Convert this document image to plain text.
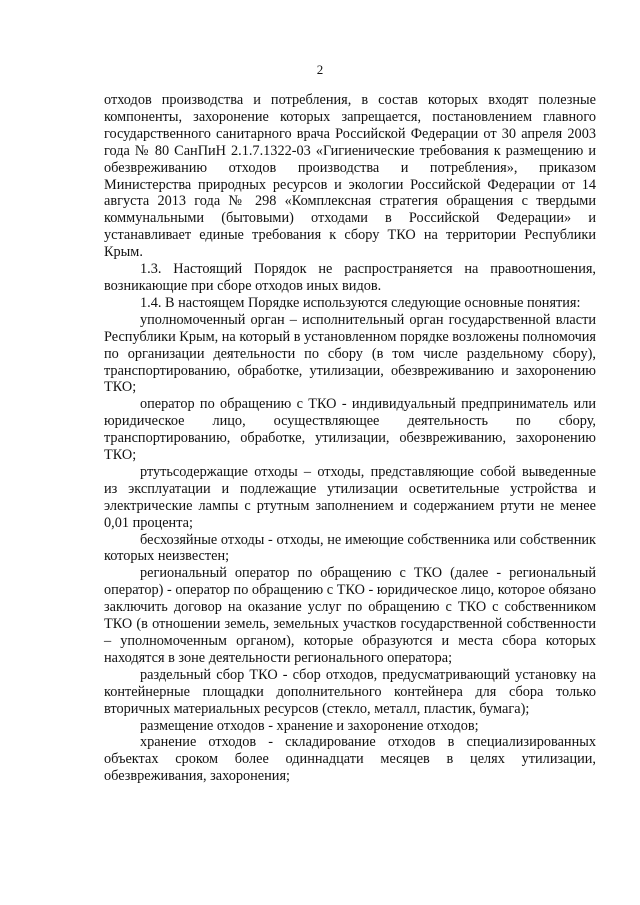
2

отходов производства и потребления, в состав которых входят полезные компоненты, захоронение которых запрещается, постановлением главного государственного санитарного врача Российской Федерации от 30 апреля 2003 года № 80 СанПиН 2.1.7.1322-03 «Гигиенические требования к размещению и обезвреживанию отходов производства и потребления», приказом Министерства природных ресурсов и экологии Российской Федерации от 14 августа 2013 года № 298 «Комплексная стратегия обращения с твердыми коммунальными (бытовыми) отходами в Российской Федерации» и устанавливает единые требования к сбору ТКО на территории Республики Крым.

1.3. Настоящий Порядок не распространяется на правоотношения, возникающие при сборе отходов иных видов.

1.4. В настоящем Порядке используются следующие основные понятия:

уполномоченный орган – исполнительный орган государственной власти Республики Крым, на который в установленном порядке возложены полномочия по организации деятельности по сбору (в том числе раздельному сбору), транспортированию, обработке, утилизации, обезвреживанию и захоронению ТКО;

оператор по обращению с ТКО - индивидуальный предприниматель или юридическое лицо, осуществляющее деятельность по сбору, транспортированию, обработке, утилизации, обезвреживанию, захоронению ТКО;

ртутьсодержащие отходы – отходы, представляющие собой выведенные из эксплуатации и подлежащие утилизации осветительные устройства и электрические лампы с ртутным заполнением и содержанием ртути не менее 0,01 процента;

бесхозяйные отходы - отходы, не имеющие собственника или собственник которых неизвестен;

региональный оператор по обращению с ТКО (далее - региональный оператор) - оператор по обращению с ТКО - юридическое лицо, которое обязано заключить договор на оказание услуг по обращению с ТКО с собственником ТКО (в отношении земель, земельных участков государственной собственности – уполномоченным органом), которые образуются и места сбора которых находятся в зоне деятельности регионального оператора;

раздельный сбор ТКО - сбор отходов, предусматривающий установку на контейнерные площадки дополнительного контейнера для сбора только вторичных материальных ресурсов (стекло, металл, пластик, бумага);

размещение отходов - хранение и захоронение отходов;

хранение отходов - складирование отходов в специализированных объектах сроком более одиннадцати месяцев в целях утилизации, обезвреживания, захоронения;
